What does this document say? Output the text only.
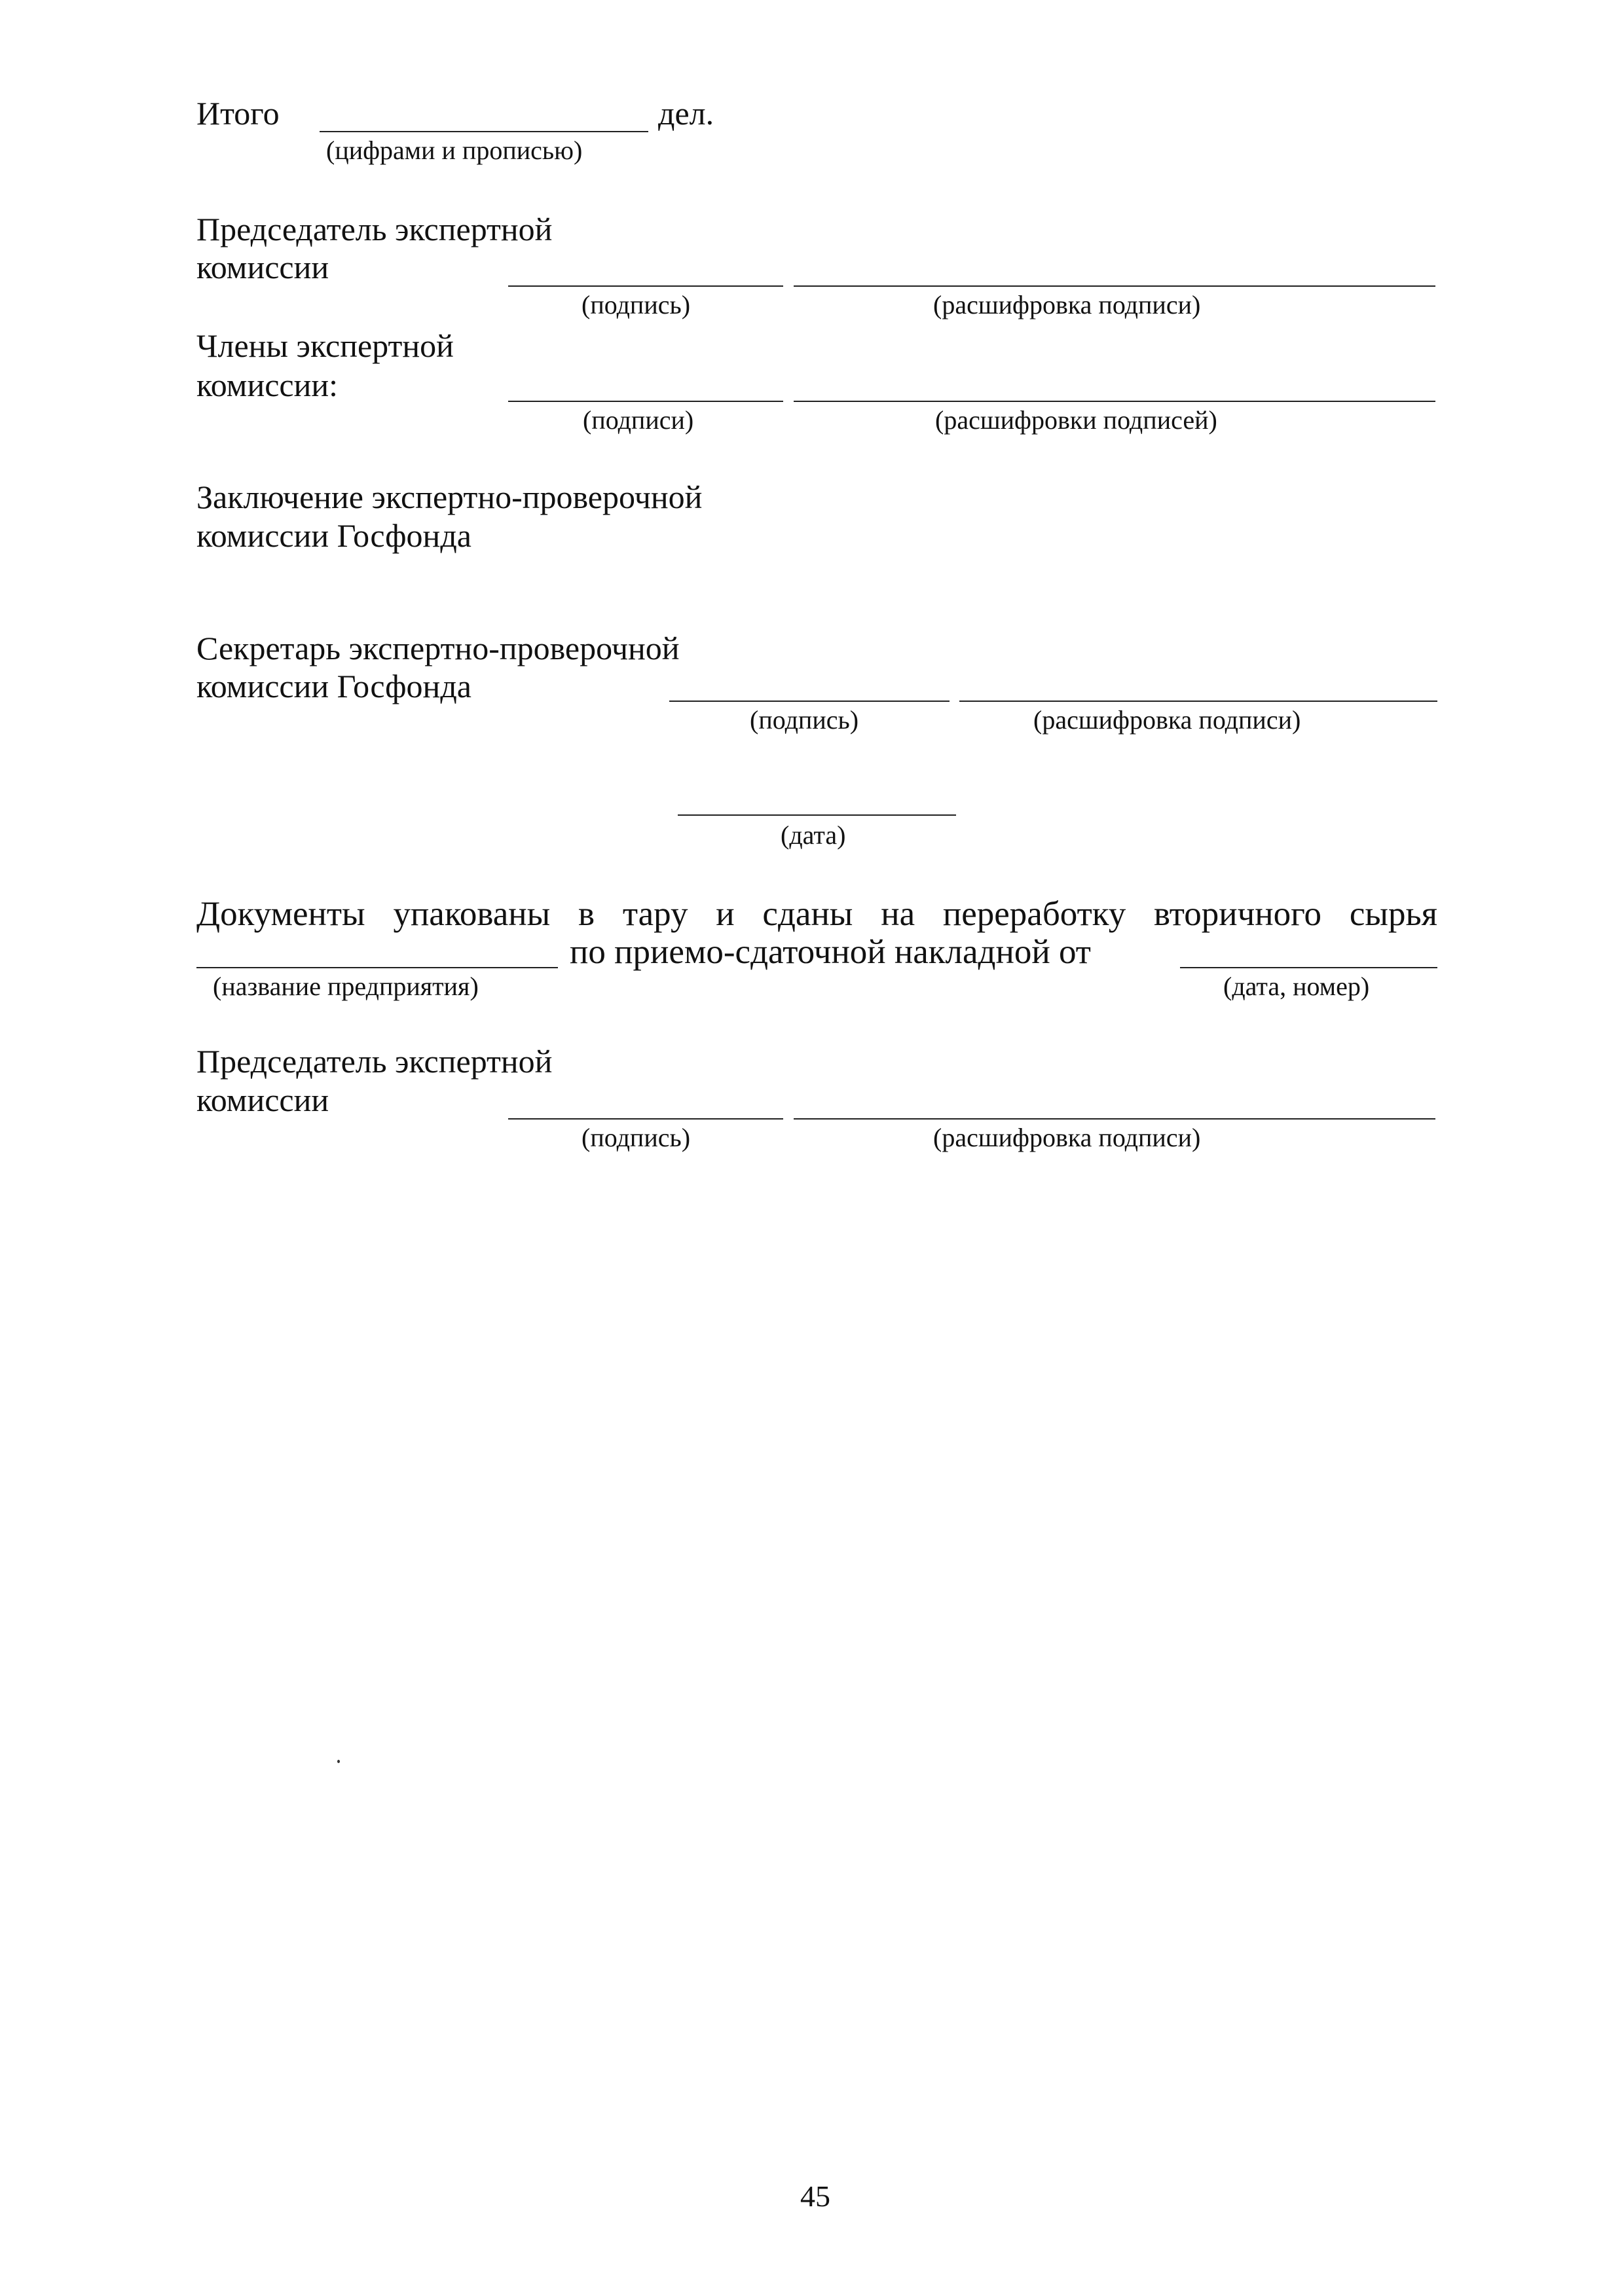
Итого	дел.
(цифрами и прописью)
Председатель экспертной
комиссии
(подпись)	(расшифровка подписи)
Члены экспертной
комиссии:
(подписи)	(расшифровки подписей)
Заключение экспертно-проверочной
комиссии Госфонда
Секретарь экспертно-проверочной
комиссии Госфонда
(подпись)	(расшифровка подписи)
(дата)
Документы упакованы в тару и сданы на переработку вторичного сырья
по приемо-сдаточной накладной от
(название предприятия)	(дата, номер)
Председатель экспертной
комиссии
(подпись)	(расшифровка подписи)
45
